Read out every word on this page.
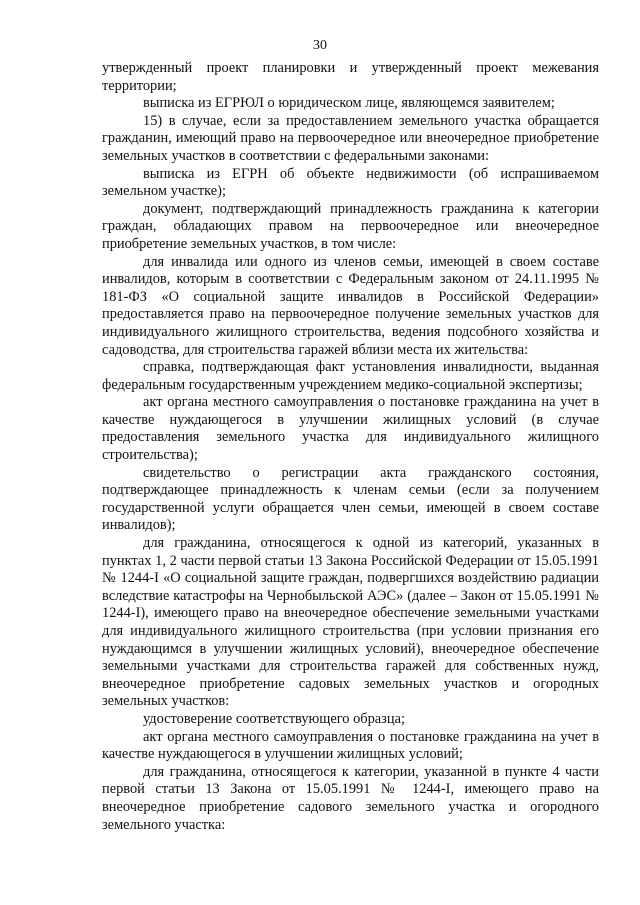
30

утвержденный проект планировки и утвержденный проект межевания территории;

выписка из ЕГРЮЛ о юридическом лице, являющемся заявителем;

15) в случае, если за предоставлением земельного участка обращается гражданин, имеющий право на первоочередное или внеочередное приобретение земельных участков в соответствии с федеральными законами:

выписка из ЕГРН об объекте недвижимости (об испрашиваемом земельном участке);

документ, подтверждающий принадлежность гражданина к категории граждан, обладающих правом на первоочередное или внеочередное приобретение земельных участков, в том числе:

для инвалида или одного из членов семьи, имеющей в своем составе инвалидов, которым в соответствии с Федеральным законом от 24.11.1995 № 181-ФЗ «О социальной защите инвалидов в Российской Федерации» предоставляется право на первоочередное получение земельных участков для индивидуального жилищного строительства, ведения подсобного хозяйства и садоводства, для строительства гаражей вблизи места их жительства:

справка, подтверждающая факт установления инвалидности, выданная федеральным государственным учреждением медико-социальной экспертизы;

акт органа местного самоуправления о постановке гражданина на учет в качестве нуждающегося в улучшении жилищных условий (в случае предоставления земельного участка для индивидуального жилищного строительства);

свидетельство о регистрации акта гражданского состояния, подтверждающее принадлежность к членам семьи (если за получением государственной услуги обращается член семьи, имеющей в своем составе инвалидов);

для гражданина, относящегося к одной из категорий, указанных в пунктах 1, 2 части первой статьи 13 Закона Российской Федерации от 15.05.1991 № 1244-I «О социальной защите граждан, подвергшихся воздействию радиации вследствие катастрофы на Чернобыльской АЭС» (далее – Закон от 15.05.1991 № 1244-I), имеющего право на внеочередное обеспечение земельными участками для индивидуального жилищного строительства (при условии признания его нуждающимся в улучшении жилищных условий), внеочередное обеспечение земельными участками для строительства гаражей для собственных нужд, внеочередное приобретение садовых земельных участков и огородных земельных участков:

удостоверение соответствующего образца;

акт органа местного самоуправления о постановке гражданина на учет в качестве нуждающегося в улучшении жилищных условий;

для гражданина, относящегося к категории, указанной в пункте 4 части первой статьи 13 Закона от 15.05.1991 № 1244-I, имеющего право на внеочередное приобретение садового земельного участка и огородного земельного участка:
